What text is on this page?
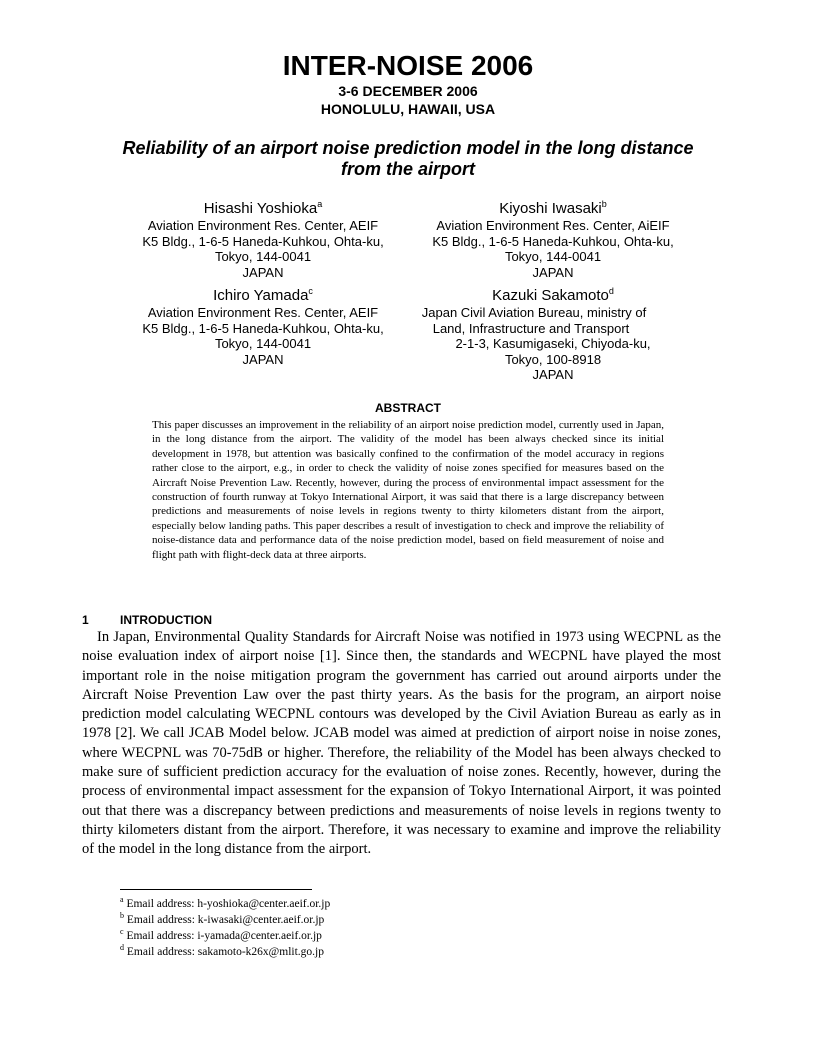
INTER-NOISE 2006
3-6 DECEMBER 2006
HONOLULU, HAWAII, USA
Reliability of an airport noise prediction model in the long distance from the airport
Hisashi Yoshioka$^a$
Aviation Environment Res. Center, AEIF
K5 Bldg., 1-6-5 Haneda-Kuhkou, Ohta-ku,
Tokyo, 144-0041
JAPAN
Kiyoshi Iwasaki$^b$
Aviation Environment Res. Center, AiEIF
K5 Bldg., 1-6-5 Haneda-Kuhkou, Ohta-ku,
Tokyo, 144-0041
JAPAN
Ichiro Yamada$^c$
Aviation Environment Res. Center, AEIF
K5 Bldg., 1-6-5 Haneda-Kuhkou, Ohta-ku,
Tokyo, 144-0041
JAPAN
Kazuki Sakamoto$^d$
Japan Civil Aviation Bureau, ministry of
Land, Infrastructure and Transport
2-1-3, Kasumigaseki, Chiyoda-ku,
Tokyo, 100-8918
JAPAN
ABSTRACT
This paper discusses an improvement in the reliability of an airport noise prediction model, currently used in Japan, in the long distance from the airport. The validity of the model has been always checked since its initial development in 1978, but attention was basically confined to the confirmation of the model accuracy in regions rather close to the airport, e.g., in order to check the validity of noise zones specified for measures based on the Aircraft Noise Prevention Law. Recently, however, during the process of environmental impact assessment for the construction of fourth runway at Tokyo International Airport, it was said that there is a large discrepancy between predictions and measurements of noise levels in regions twenty to thirty kilometers distant from the airport, especially below landing paths. This paper describes a result of investigation to check and improve the reliability of noise-distance data and performance data of the noise prediction model, based on field measurement of noise and flight path with flight-deck data at three airports.
1	INTRODUCTION
In Japan, Environmental Quality Standards for Aircraft Noise was notified in 1973 using WECPNL as the noise evaluation index of airport noise [1]. Since then, the standards and WECPNL have played the most important role in the noise mitigation program the government has carried out around airports under the Aircraft Noise Prevention Law over the past thirty years. As the basis for the program, an airport noise prediction model calculating WECPNL contours was developed by the Civil Aviation Bureau as early as in 1978 [2]. We call JCAB Model below. JCAB model was aimed at prediction of airport noise in noise zones, where WECPNL was 70-75dB or higher. Therefore, the reliability of the Model has been always checked to make sure of sufficient prediction accuracy for the evaluation of noise zones. Recently, however, during the process of environmental impact assessment for the expansion of Tokyo International Airport, it was pointed out that there was a discrepancy between predictions and measurements of noise levels in regions twenty to thirty kilometers distant from the airport. Therefore, it was necessary to examine and improve the reliability of the model in the long distance from the airport.
$^a$ Email address: h-yoshioka@center.aeif.or.jp
$^b$ Email address: k-iwasaki@center.aeif.or.jp
$^c$ Email address: i-yamada@center.aeif.or.jp
$^d$ Email address: sakamoto-k26x@mlit.go.jp
